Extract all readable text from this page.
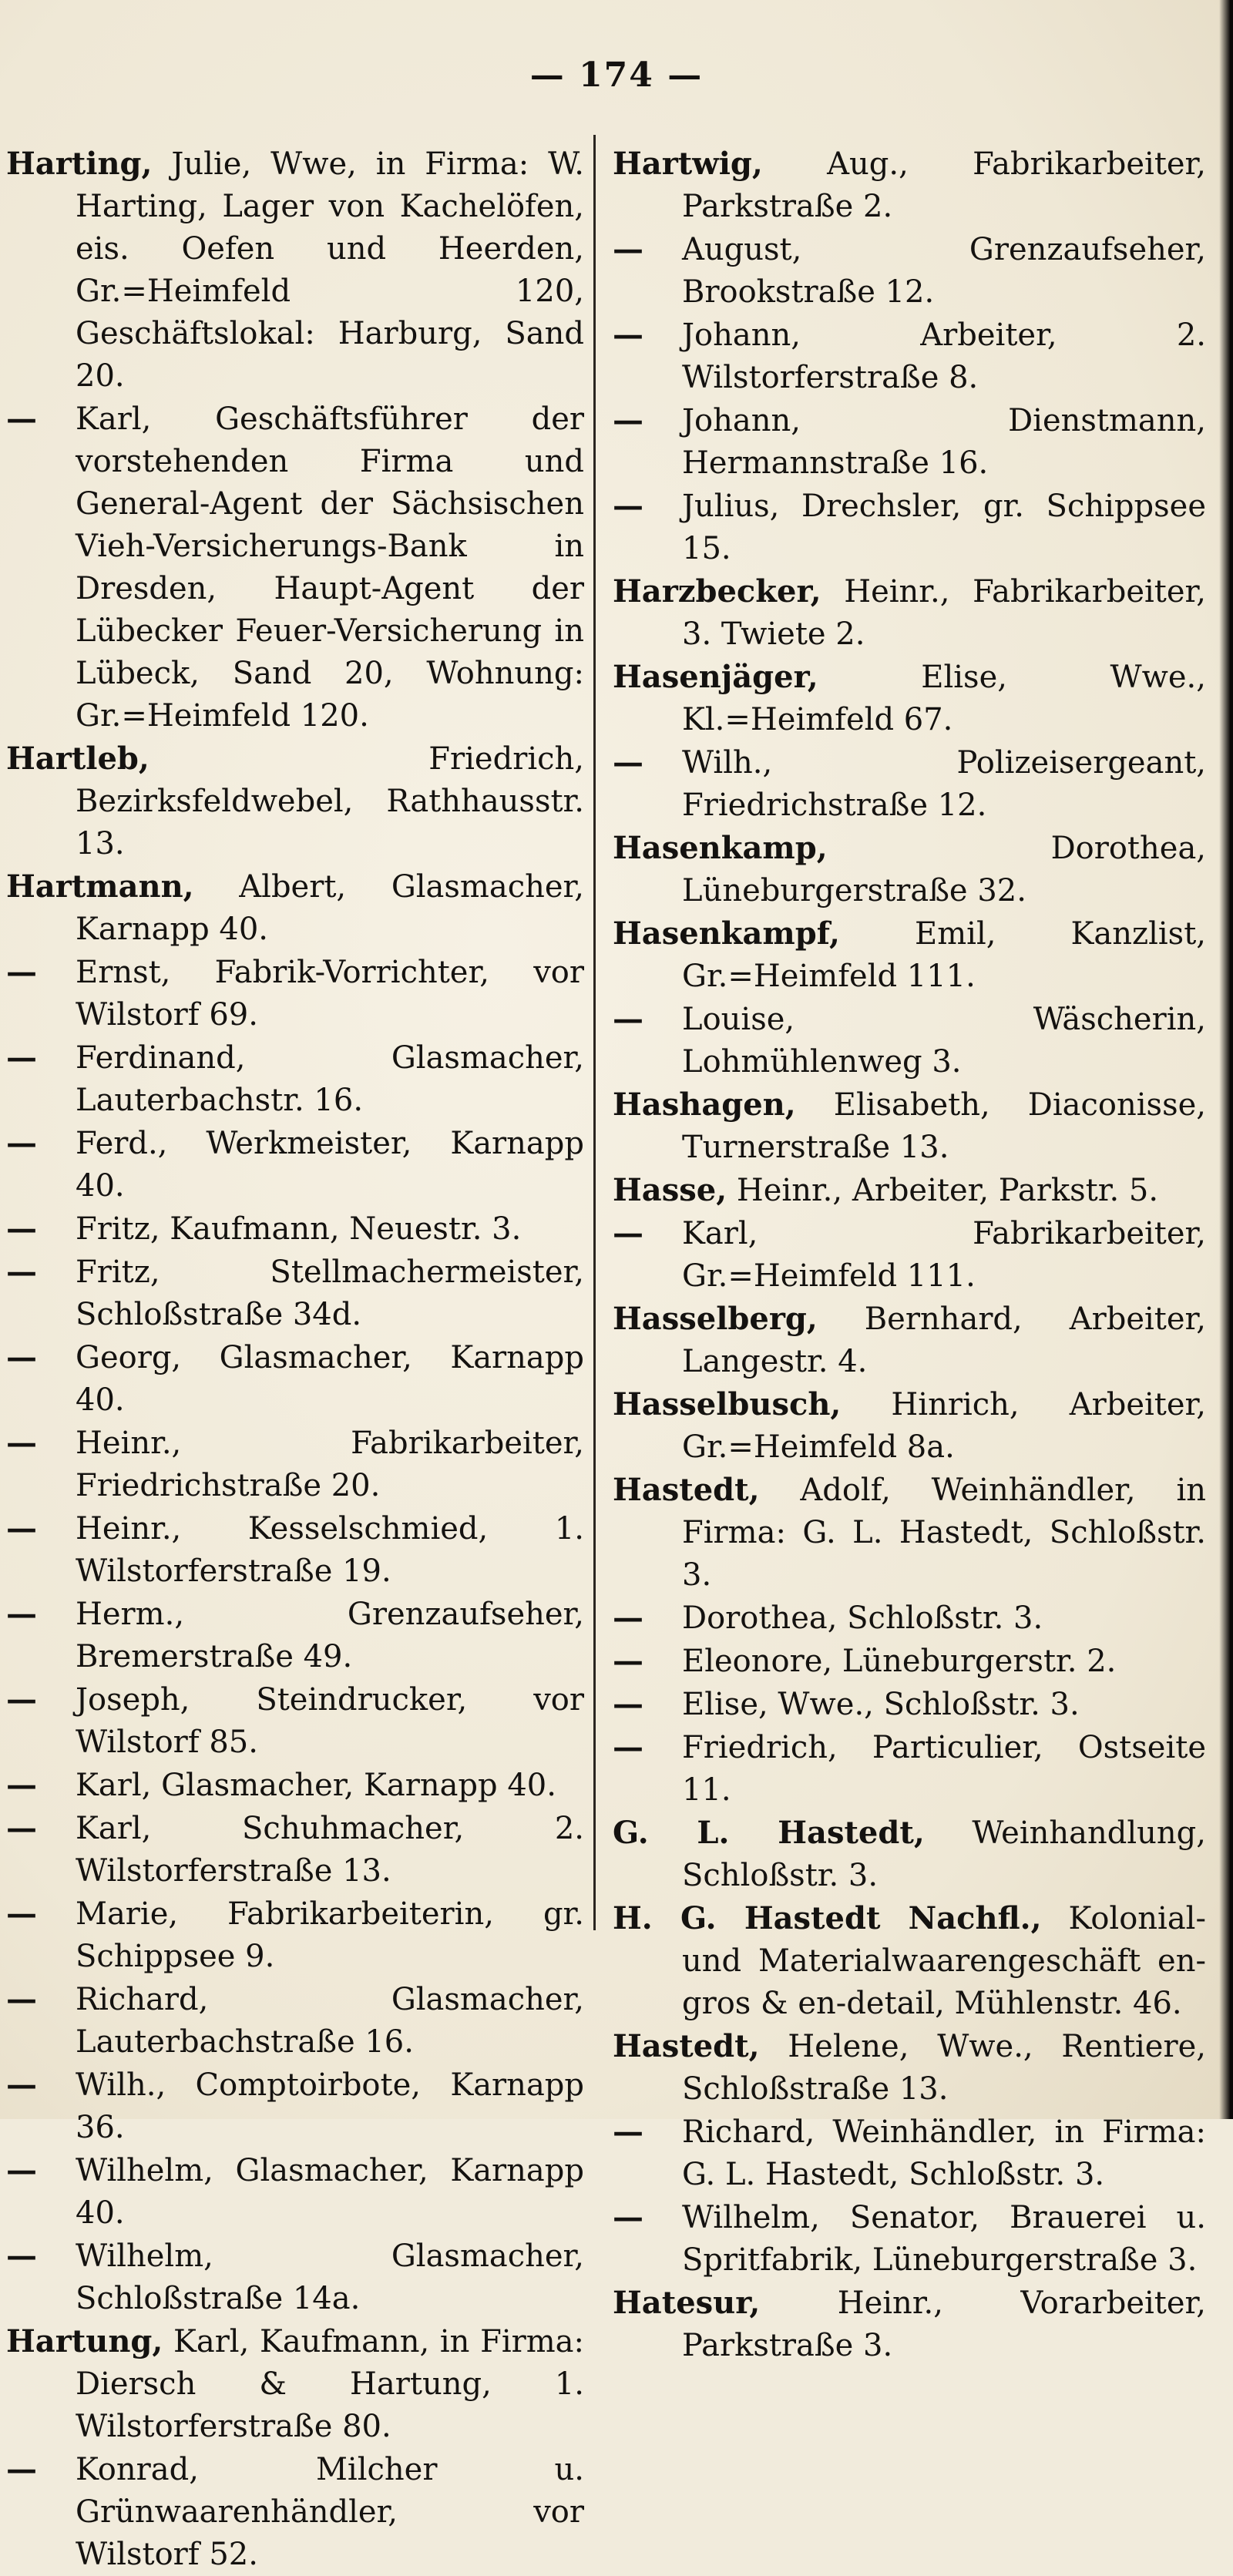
— 174 —
Harting, Julie, Wwe, in Firma: W. Harting, Lager von Kachelöfen, eis. Oefen und Heerden, Gr.=Heimfeld 120, Geschäftslokal: Harburg, Sand 20.
— Karl, Geschäftsführer der vorstehenden Firma und General-Agent der Sächsischen Vieh-Versicherungs-Bank in Dresden, Haupt-Agent der Lübecker Feuer-Versicherung in Lübeck, Sand 20, Wohnung: Gr.=Heimfeld 120.
Hartleb, Friedrich, Bezirksfeldwebel, Rathhausstr. 13.
Hartmann, Albert, Glasmacher, Karnapp 40.
— Ernst, Fabrik-Vorrichter, vor Wilstorf 69.
— Ferdinand, Glasmacher, Lauterbachstr. 16.
— Ferd., Werkmeister, Karnapp 40.
— Fritz, Kaufmann, Neuestr. 3.
— Fritz, Stellmachermeister, Schloßstraße 34d.
— Georg, Glasmacher, Karnapp 40.
— Heinr., Fabrikarbeiter, Friedrichstraße 20.
— Heinr., Kesselschmied, 1. Wilstorferstraße 19.
— Herm., Grenzaufseher, Bremerstraße 49.
— Joseph, Steindrucker, vor Wilstorf 85.
— Karl, Glasmacher, Karnapp 40.
— Karl, Schuhmacher, 2. Wilstorferstraße 13.
— Marie, Fabrikarbeiterin, gr. Schippsee 9.
— Richard, Glasmacher, Lauterbachstraße 16.
— Wilh., Comptoirbote, Karnapp 36.
— Wilhelm, Glasmacher, Karnapp 40.
— Wilhelm, Glasmacher, Schloßstraße 14a.
Hartung, Karl, Kaufmann, in Firma: Diersch & Hartung, 1. Wilstorferstraße 80.
— Konrad, Milcher u. Grünwaarenhändler, vor Wilstorf 52.
Hartwig, Aug., Fabrikarbeiter, Parkstraße 2.
— August, Grenzaufseher, Brookstraße 12.
— Johann, Arbeiter, 2. Wilstorferstraße 8.
— Johann, Dienstmann, Hermannstraße 16.
— Julius, Drechsler, gr. Schippsee 15.
Harzbecker, Heinr., Fabrikarbeiter, 3. Twiete 2.
Hasenjäger, Elise, Wwe., Kl.=Heimfeld 67.
— Wilh., Polizeisergeant, Friedrichstraße 12.
Hasenkamp, Dorothea, Lüneburgerstraße 32.
Hasenkampf, Emil, Kanzlist, Gr.=Heimfeld 111.
— Louise, Wäscherin, Lohmühlenweg 3.
Hashagen, Elisabeth, Diaconisse, Turnerstraße 13.
Hasse, Heinr., Arbeiter, Parkstr. 5.
— Karl, Fabrikarbeiter, Gr.=Heimfeld 111.
Hasselberg, Bernhard, Arbeiter, Langestr. 4.
Hasselbusch, Hinrich, Arbeiter, Gr.=Heimfeld 8a.
Hastedt, Adolf, Weinhändler, in Firma: G. L. Hastedt, Schloßstr. 3.
— Dorothea, Schloßstr. 3.
— Eleonore, Lüneburgerstr. 2.
— Elise, Wwe., Schloßstr. 3.
— Friedrich, Particulier, Ostseite 11.
G. L. Hastedt, Weinhandlung, Schloßstr. 3.
H. G. Hastedt Nachfl., Kolonial- und Materialwaarengeschäft en-gros & en-detail, Mühlenstr. 46.
Hastedt, Helene, Wwe., Rentiere, Schloßstraße 13.
— Richard, Weinhändler, in Firma: G. L. Hastedt, Schloßstr. 3.
— Wilhelm, Senator, Brauerei u. Spritfabrik, Lüneburgerstraße 3.
Hatesur, Heinr., Vorarbeiter, Parkstraße 3.
